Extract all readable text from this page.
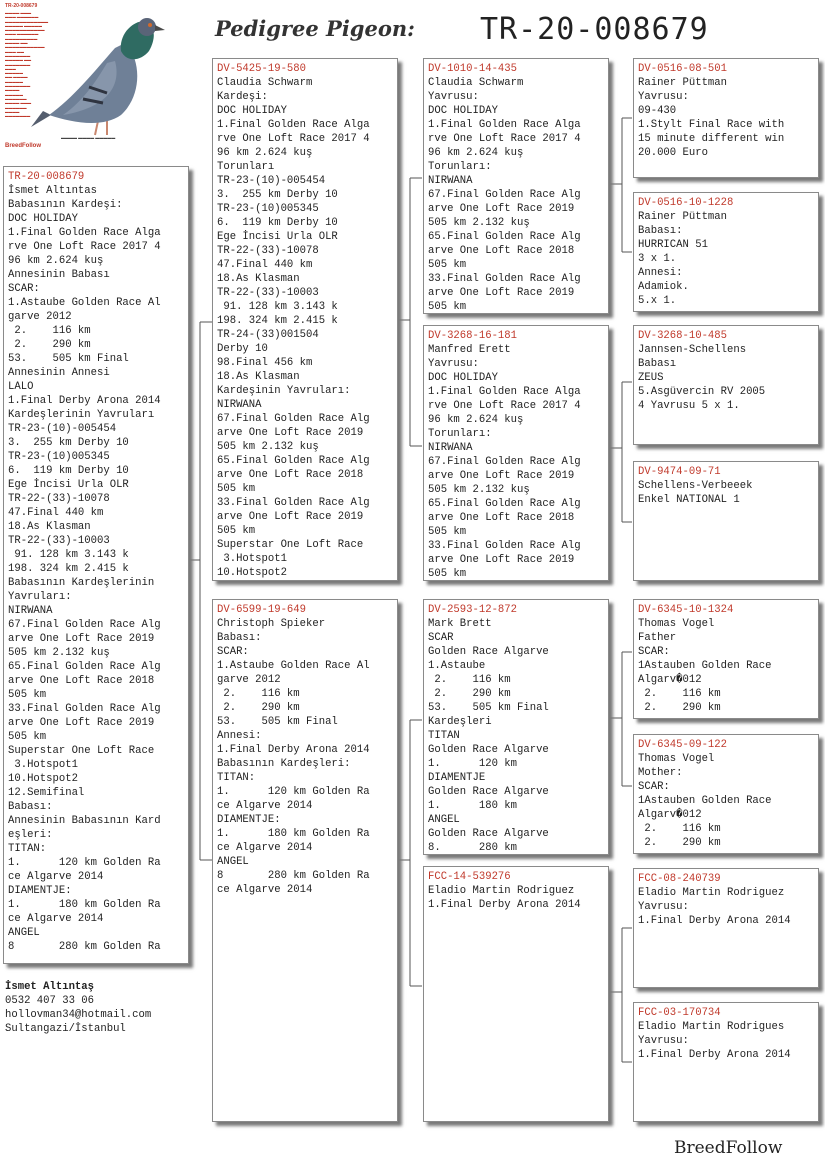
Pedigree Pigeon: TR-20-008679
TR-20-008679
▬▬▬▬ ▬▬▬
▬▬▬ ▬▬▬▬▬▬
▬▬▬▬▬▬▬▬▬▬▬▬
▬▬▬▬▬ ▬▬▬▬▬
▬▬▬▬▬▬▬▬▬▬▬
▬▬▬ ▬▬▬▬▬▬
▬▬▬▬▬▬▬▬▬
▬▬▬▬ ▬▬
▬▬▬▬▬▬▬▬▬▬▬
▬▬▬ ▬▬
▬▬▬▬▬▬▬
▬▬▬▬▬ ▬▬
▬▬▬▬▬▬▬
▬▬▬
▬▬▬▬▬
▬▬ ▬▬▬▬
▬▬▬▬▬
▬▬▬▬▬▬▬
▬▬▬▬
▬▬▬▬▬
▬▬▬▬▬▬
▬▬▬▬ ▬▬▬
▬▬▬▬▬▬
▬▬▬▬
▬▬▬▬▬▬▬
▬▬▬▬ ▬▬▬▬ ▬▬▬▬▬
BreedFollow
TR-20-008679
İsmet Altıntas
Babasının Kardeşi:
DOC HOLIDAY
1.Final Golden Race Alga
rve One Loft Race 2017 4
96 km 2.624 kuş
Annesinin Babası
SCAR:
1.Astaube Golden Race Al
garve 2012
2.    116 km
2.    290 km
53.    505 km Final
Annesinin Annesi
LALO
1.Final Derby Arona 2014
Kardeşlerinin Yavruları
TR-23-(10)-005454
3.  255 km Derby 10
TR-23-(10)005345
6.  119 km Derby 10
Ege İncisi Urla OLR
TR-22-(33)-10078
47.Final 440 km
18.As Klasman
TR-22-(33)-10003
91. 128 km 3.143 k
198. 324 km 2.415 k
Babasının Kardeşlerinin
Yavruları:
NIRWANA
67.Final Golden Race Alg
arve One Loft Race 2019
505 km 2.132 kuş
65.Final Golden Race Alg
arve One Loft Race 2018
505 km
33.Final Golden Race Alg
arve One Loft Race 2019
505 km
Superstar One Loft Race
3.Hotspot1
10.Hotspot2
12.Semifinal
Babası:
Annesinin Babasının Kard
eşleri:
TITAN:
1.      120 km Golden Ra
ce Algarve 2014
DIAMENTJE:
1.      180 km Golden Ra
ce Algarve 2014
ANGEL
8       280 km Golden Ra
DV-5425-19-580
Claudia Schwarm
Kardeşi:
DOC HOLIDAY
1.Final Golden Race Alga
rve One Loft Race 2017 4
96 km 2.624 kuş
Torunları
TR-23-(10)-005454
3.  255 km Derby 10
TR-23-(10)005345
6.  119 km Derby 10
Ege İncisi Urla OLR
TR-22-(33)-10078
47.Final 440 km
18.As Klasman
TR-22-(33)-10003
91. 128 km 3.143 k
198. 324 km 2.415 k
TR-24-(33)001504
Derby 10
98.Final 456 km
18.As Klasman
Kardeşinin Yavruları:
NIRWANA
67.Final Golden Race Alg
arve One Loft Race 2019
505 km 2.132 kuş
65.Final Golden Race Alg
arve One Loft Race 2018
505 km
33.Final Golden Race Alg
arve One Loft Race 2019
505 km
Superstar One Loft Race
3.Hotspot1
10.Hotspot2
DV-6599-19-649
Christoph Spieker
Babası:
SCAR:
1.Astaube Golden Race Al
garve 2012
2.    116 km
2.    290 km
53.    505 km Final
Annesi:
1.Final Derby Arona 2014
Babasının Kardeşleri:
TITAN:
1.      120 km Golden Ra
ce Algarve 2014
DIAMENTJE:
1.      180 km Golden Ra
ce Algarve 2014
ANGEL
8       280 km Golden Ra
ce Algarve 2014
DV-1010-14-435
Claudia Schwarm
Yavrusu:
DOC HOLIDAY
1.Final Golden Race Alga
rve One Loft Race 2017 4
96 km 2.624 kuş
Torunları:
NIRWANA
67.Final Golden Race Alg
arve One Loft Race 2019
505 km 2.132 kuş
65.Final Golden Race Alg
arve One Loft Race 2018
505 km
33.Final Golden Race Alg
arve One Loft Race 2019
505 km
DV-3268-16-181
Manfred Erett
Yavrusu:
DOC HOLIDAY
1.Final Golden Race Alga
rve One Loft Race 2017 4
96 km 2.624 kuş
Torunları:
NIRWANA
67.Final Golden Race Alg
arve One Loft Race 2019
505 km 2.132 kuş
65.Final Golden Race Alg
arve One Loft Race 2018
505 km
33.Final Golden Race Alg
arve One Loft Race 2019
505 km
DV-2593-12-872
Mark Brett
SCAR
Golden Race Algarve
1.Astaube
2.    116 km
2.    290 km
53.    505 km Final
Kardeşleri
TITAN
Golden Race Algarve
1.      120 km
DIAMENTJE
Golden Race Algarve
1.      180 km
ANGEL
Golden Race Algarve
8.      280 km
FCC-14-539276
Eladio Martin Rodriguez
1.Final Derby Arona 2014
DV-0516-08-501
Rainer Püttman
Yavrusu:
09-430
1.Stylt Final Race with
15 minute different win
20.000 Euro
DV-0516-10-1228
Rainer Püttman
Babası:
HURRICAN 51
3 x 1.
Annesi:
Adamiok.
5.x 1.
DV-3268-10-485
Jannsen-Schellens
Babası
ZEUS
5.Asgüvercin RV 2005
4 Yavrusu 5 x 1.
DV-9474-09-71
Schellens-Verbeeek
Enkel NATIONAL 1
DV-6345-10-1324
Thomas Vogel
Father
SCAR:
1Astauben Golden Race
Algarv�012
2.    116 km
2.    290 km
DV-6345-09-122
Thomas Vogel
Mother:
SCAR:
1Astauben Golden Race
Algarv�012
2.    116 km
2.    290 km
FCC-08-240739
Eladio Martin Rodriguez
Yavrusu:
1.Final Derby Arona 2014
FCC-03-170734
Eladio Martin Rodrigues
Yavrusu:
1.Final Derby Arona 2014
İsmet Altıntaş
0532 407 33 06
hollovman34@hotmail.com
Sultangazi/İstanbul
BreedFollow
